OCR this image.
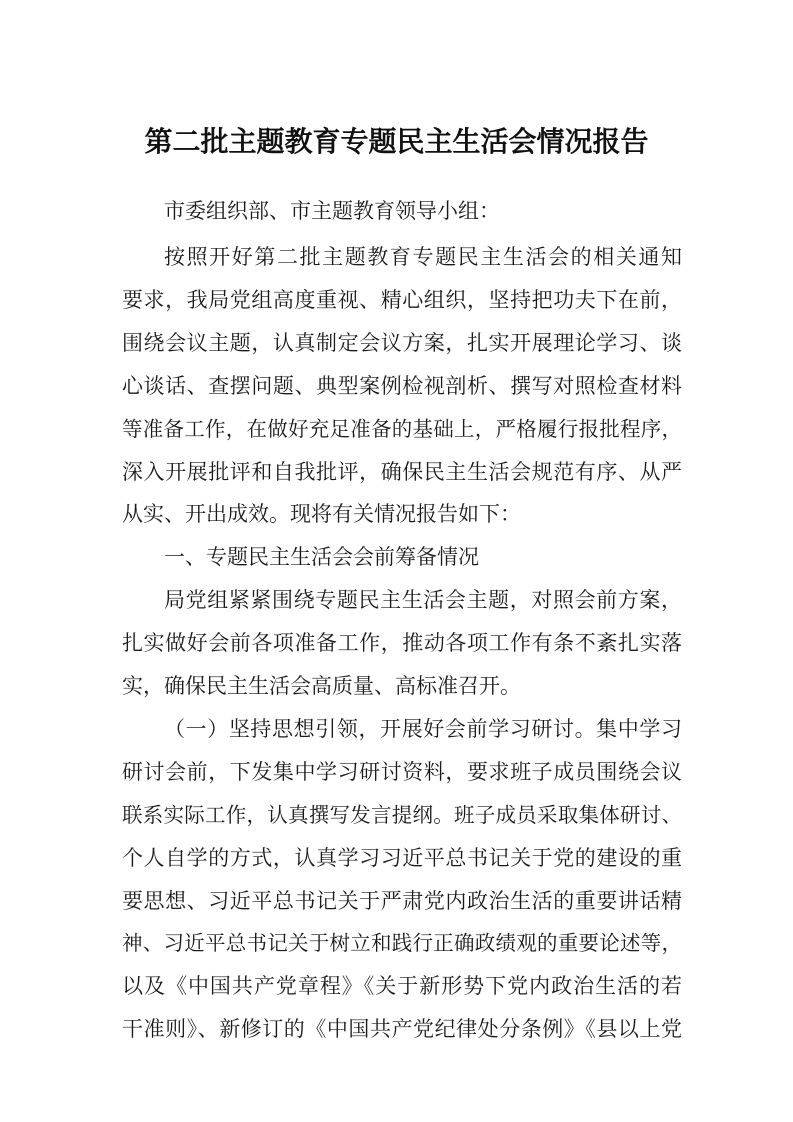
第二批主题教育专题民主生活会情况报告
市委组织部、市主题教育领导小组：
按照开好第二批主题教育专题民主生活会的相关通知
要求，我局党组高度重视、精心组织，坚持把功夫下在前，
围绕会议主题，认真制定会议方案，扎实开展理论学习、谈
心谈话、查摆问题、典型案例检视剖析、撰写对照检查材料
等准备工作，在做好充足准备的基础上，严格履行报批程序，
深入开展批评和自我批评，确保民主生活会规范有序、从严
从实、开出成效。现将有关情况报告如下：
一、专题民主生活会会前筹备情况
局党组紧紧围绕专题民主生活会主题，对照会前方案，
扎实做好会前各项准备工作，推动各项工作有条不紊扎实落
实，确保民主生活会高质量、高标准召开。
（一）坚持思想引领，开展好会前学习研讨。集中学习
研讨会前，下发集中学习研讨资料，要求班子成员围绕会议
联系实际工作，认真撰写发言提纲。班子成员采取集体研讨、
个人自学的方式，认真学习习近平总书记关于党的建设的重
要思想、习近平总书记关于严肃党内政治生活的重要讲话精
神、习近平总书记关于树立和践行正确政绩观的重要论述等，
以及《中国共产党章程》《关于新形势下党内政治生活的若
干准则》、新修订的《中国共产党纪律处分条例》《县以上党
